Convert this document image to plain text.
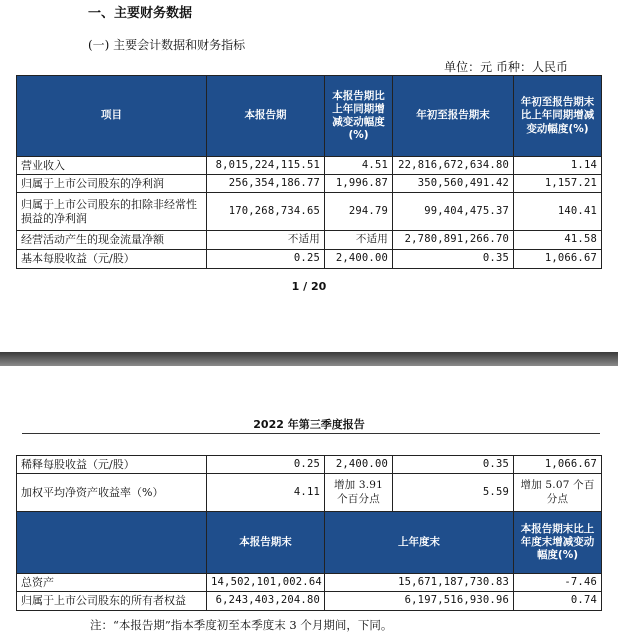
一、主要财务数据
(一) 主要会计数据和财务指标
单位：元 币种：人民币
项目	本报告期	本报告期比上年同期增减变动幅度(%)	年初至报告期末	年初至报告期末比上年同期增减变动幅度(%)
营业收入	8,015,224,115.51	4.51	22,816,672,634.80	1.14
归属于上市公司股东的净利润	256,354,186.77	1,996.87	350,560,491.42	1,157.21
归属于上市公司股东的扣除非经常性损益的净利润	170,268,734.65	294.79	99,404,475.37	140.41
经营活动产生的现金流量净额	不适用	不适用	2,780,891,266.70	41.58
基本每股收益（元/股）	0.25	2,400.00	0.35	1,066.67
1 / 20
2022 年第三季度报告
稀释每股收益（元/股）	0.25	2,400.00	0.35	1,066.67
加权平均净资产收益率（%）	4.11	增加 3.91 个百分点	5.59	增加 5.07 个百分点
	本报告期末	上年度末	本报告期末比上年度末增减变动幅度(%)
总资产	14,502,101,002.64	15,671,187,730.83	-7.46
归属于上市公司股东的所有者权益	6,243,403,204.80	6,197,516,930.96	0.74
注：“本报告期”指本季度初至本季度末 3 个月期间，下同。
